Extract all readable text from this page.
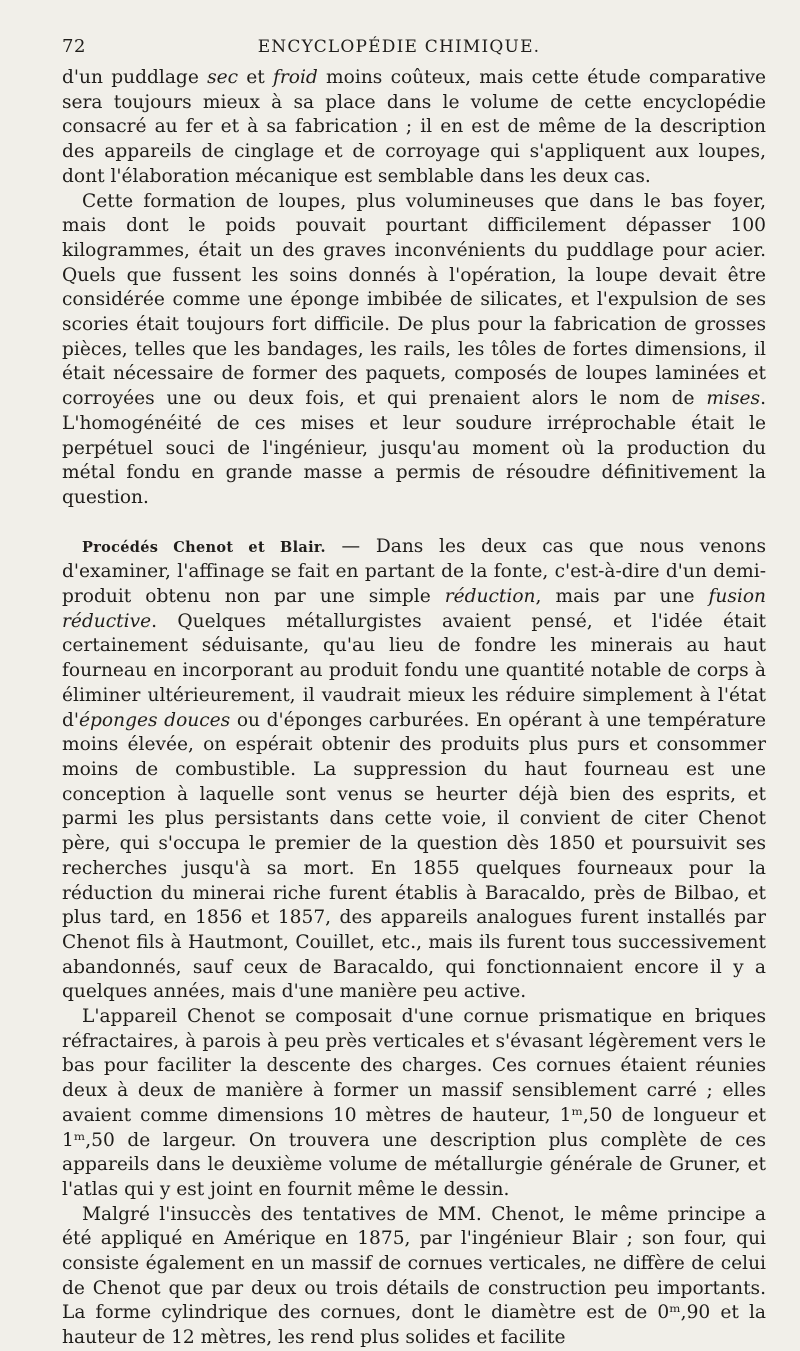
72	ENCYCLOPÉDIE CHIMIQUE.

d'un puddlage sec et froid moins coûteux, mais cette étude comparative sera toujours mieux à sa place dans le volume de cette encyclopédie consacré au fer et à sa fabrication ; il en est de même de la description des appareils de cinglage et de corroyage qui s'appliquent aux loupes, dont l'élaboration mécanique est semblable dans les deux cas.

Cette formation de loupes, plus volumineuses que dans le bas foyer, mais dont le poids pouvait pourtant difficilement dépasser 100 kilogrammes, était un des graves inconvénients du puddlage pour acier. Quels que fussent les soins donnés à l'opération, la loupe devait être considérée comme une éponge imbibée de silicates, et l'expulsion de ses scories était toujours fort difficile. De plus pour la fabrication de grosses pièces, telles que les bandages, les rails, les tôles de fortes dimensions, il était nécessaire de former des paquets, composés de loupes laminées et corroyées une ou deux fois, et qui prenaient alors le nom de mises. L'homogénéité de ces mises et leur soudure irréprochable était le perpétuel souci de l'ingénieur, jusqu'au moment où la production du métal fondu en grande masse a permis de résoudre définitivement la question.

Procédés Chenot et Blair. — Dans les deux cas que nous venons d'examiner, l'affinage se fait en partant de la fonte, c'est-à-dire d'un demi-produit obtenu non par une simple réduction, mais par une fusion réductive. Quelques métallurgistes avaient pensé, et l'idée était certainement séduisante, qu'au lieu de fondre les minerais au haut fourneau en incorporant au produit fondu une quantité notable de corps à éliminer ultérieurement, il vaudrait mieux les réduire simplement à l'état d'éponges douces ou d'éponges carburées. En opérant à une température moins élevée, on espérait obtenir des produits plus purs et consommer moins de combustible. La suppression du haut fourneau est une conception à laquelle sont venus se heurter déjà bien des esprits, et parmi les plus persistants dans cette voie, il convient de citer Chenot père, qui s'occupa le premier de la question dès 1850 et poursuivit ses recherches jusqu'à sa mort. En 1855 quelques fourneaux pour la réduction du minerai riche furent établis à Baracaldo, près de Bilbao, et plus tard, en 1856 et 1857, des appareils analogues furent installés par Chenot fils à Hautmont, Couillet, etc., mais ils furent tous successivement abandonnés, sauf ceux de Baracaldo, qui fonctionnaient encore il y a quelques années, mais d'une manière peu active.

L'appareil Chenot se composait d'une cornue prismatique en briques réfractaires, à parois à peu près verticales et s'évasant légèrement vers le bas pour faciliter la descente des charges. Ces cornues étaient réunies deux à deux de manière à former un massif sensiblement carré ; elles avaient comme dimensions 10 mètres de hauteur, 1ᵐ,50 de longueur et 1ᵐ,50 de largeur. On trouvera une description plus complète de ces appareils dans le deuxième volume de métallurgie générale de Gruner, et l'atlas qui y est joint en fournit même le dessin.

Malgré l'insuccès des tentatives de MM. Chenot, le même principe a été appliqué en Amérique en 1875, par l'ingénieur Blair ; son four, qui consiste également en un massif de cornues verticales, ne diffère de celui de Chenot que par deux ou trois détails de construction peu importants. La forme cylindrique des cornues, dont le diamètre est de 0ᵐ,90 et la hauteur de 12 mètres, les rend plus solides et facilite
